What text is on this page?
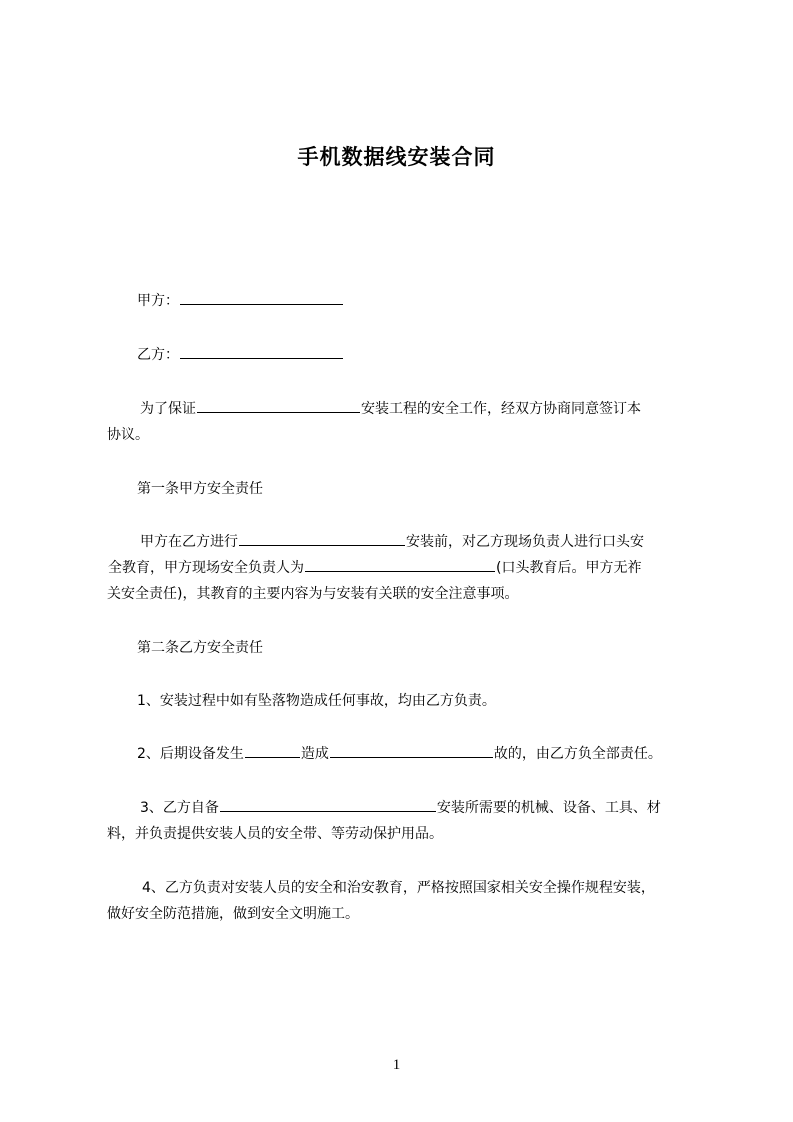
手机数据线安装合同
甲方：
乙方：
为了保证	安装工程的安全工作，经双方协商同意签订本
协议。
第一条甲方安全责任
甲方在乙方进行	安装前，对乙方现场负责人进行口头安
全教育，甲方现场安全负责人为	(口头教育后。甲方无祚
关安全责任)，其教育的主要内容为与安装有关联的安全注意事项。
第二条乙方安全责任
1、安装过程中如有坠落物造成任何事故，均由乙方负责。
2、后期设备发生	造成	故的，由乙方负全部责任。
3、乙方自备	安装所需要的机械、设备、工具、材
料，并负责提供安装人员的安全带、等劳动保护用品。
4、乙方负责对安装人员的安全和治安教育，严格按照国家相关安全操作规程安装，
做好安全防范措施，做到安全文明施工。
1
